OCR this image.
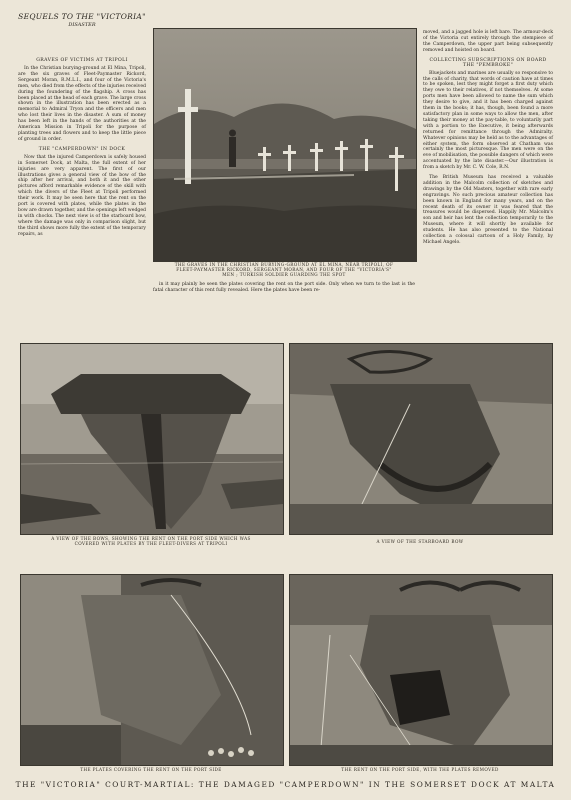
SEQUELS TO THE "VICTORIA"
DISASTER
GRAVES OF VICTIMS AT TRIPOLI

In the Christian burying-ground at El Mina, Tripoli, are the six graves of Fleet-Paymaster Rickord, Sergeant Moran, R.M.L.I., and four of the Victoria's men, who died from the effects of the injuries received during the foundering of the flagship. A cross has been placed at the head of each grave. The large cross shown in the illustration has been erected as a memorial to Admiral Tryon and the officers and men who lost their lives in the disaster. A sum of money has been left in the hands of the authorities at the American Mission in Tripoli for the purpose of planting trees and flowers and to keep the little piece of ground in order.

THE "CAMPERDOWN" IN DOCK

Now that the injured Camperdown is safely housed in Somerset Dock, at Malta, the full extent of her injuries are very apparent. The first of our illustrations gives a general view of the bow of the ship after her arrival, and both it and the other pictures afford remarkable evidence of the skill with which the divers of the Fleet at Tripoli performed their work. It may be seen here that the rent on the port is covered with plates, while the plates in the bow are drawn together, and the openings left wedged in with chocks. The next view is of the starboard bow, where the damage was only in comparison slight, but the third shows more fully the extent of the temporary repairs, as

THE GRAVES IN THE CHRISTIAN BURYING-GROUND AT EL MINA, NEAR TRIPOLI, OF
FLEET-PAYMASTER RICKORD, SERGEANT MORAN, AND FOUR OF THE "VICTORIA'S"
MEN ; TURKISH SOLDIER GUARDING THE SPOT

in it may plainly be seen the plates covering the rent on the port side. Only when we turn to the last is the fatal character of this rent fully revealed. Here the plates have been re-

moved, and a jagged hole is left bare. The armour-deck of the Victoria cut entirely through the stempiece of the Camperdown, the upper part being subsequently removed and hoisted on board.

COLLECTING SUBSCRIPTIONS ON BOARD
THE "PEMBROKE"

Bluejackets and marines are usually so responsive to the calls of charity, that words of caution have at times to be spoken, lest they might forget a first duty which they owe to their relatives, if not themselves. At some ports men have been allowed to name the sum which they desire to give, and it has been charged against them in the books; it has, though, been found a more satisfactory plan in some ways to allow the men, after taking their money at the pay-table, to voluntarily part with a portion to the Executive, it being afterwards returned for remittance through the Admiralty. Whatever opinions may be held as to the advantages of either system, the form observed at Chatham was certainly the most picturesque. The men were on the eve of mobilisation, the possible dangers of which were accentuated by the late disaster.—Our illustration is from a sketch by Mr. C. W. Cole, R.N.

The British Museum has received a valuable addition in the Malcolm collection of sketches and drawings by the Old Masters, together with rare early engravings. No such precious amateur collection has been known in England for many years, and on the recent death of its owner it was feared that the treasures would be dispersed. Happily Mr. Malcolm's son and heir has lent the collection temporarily to the Museum, where it will shortly be available for students. He has also presented to the National collection a colossal cartoon of a Holy Family, by Michael Angelo.

A VIEW OF THE BOWS, SHOWING THE RENT ON THE PORT SIDE WHICH WAS
COVERED WITH PLATES BY THE FLEET-DIVERS AT TRIPOLI	A VIEW OF THE STARBOARD BOW
THE PLATES COVERING THE RENT ON THE PORT SIDE	THE RENT ON THE PORT SIDE, WITH THE PLATES REMOVED
THE "VICTORIA" COURT-MARTIAL: THE DAMAGED "CAMPERDOWN" IN THE SOMERSET DOCK AT MALTA
